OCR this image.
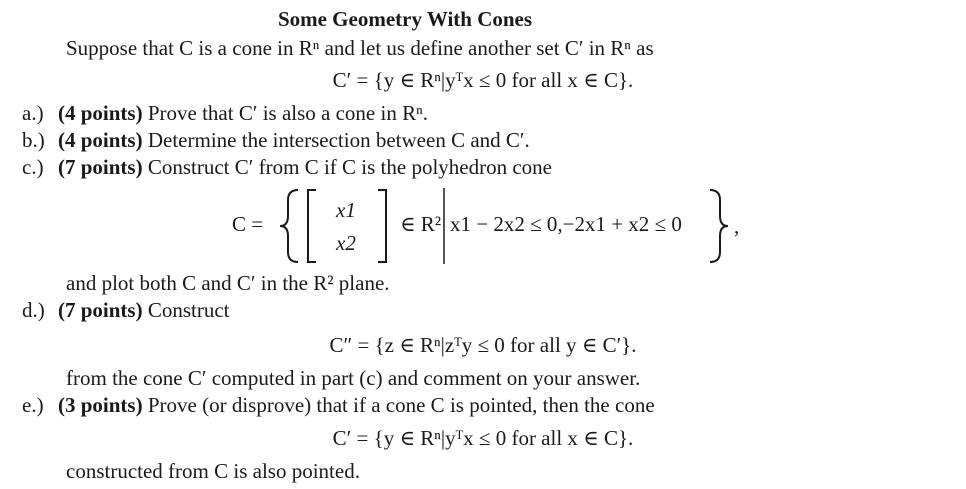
Some Geometry With Cones
Suppose that C is a cone in Rⁿ and let us define another set C′ in Rⁿ as
C′ = {y ∈ Rⁿ|yᵀx ≤ 0 for all x ∈ C}.
a.) (4 points) Prove that C′ is also a cone in Rⁿ.
b.) (4 points) Determine the intersection between C and C′.
c.) (7 points) Construct C′ from C if C is the polyhedron cone
C =
x1
x2
∈ R² x1 − 2x2 ≤ 0,−2x1 + x2 ≤ 0 ,
and plot both C and C′ in the R² plane.
d.) (7 points) Construct
C″ = {z ∈ Rⁿ|zᵀy ≤ 0 for all y ∈ C′}.
from the cone C′ computed in part (c) and comment on your answer.
e.) (3 points) Prove (or disprove) that if a cone C is pointed, then the cone
C′ = {y ∈ Rⁿ|yᵀx ≤ 0 for all x ∈ C}.
constructed from C is also pointed.
